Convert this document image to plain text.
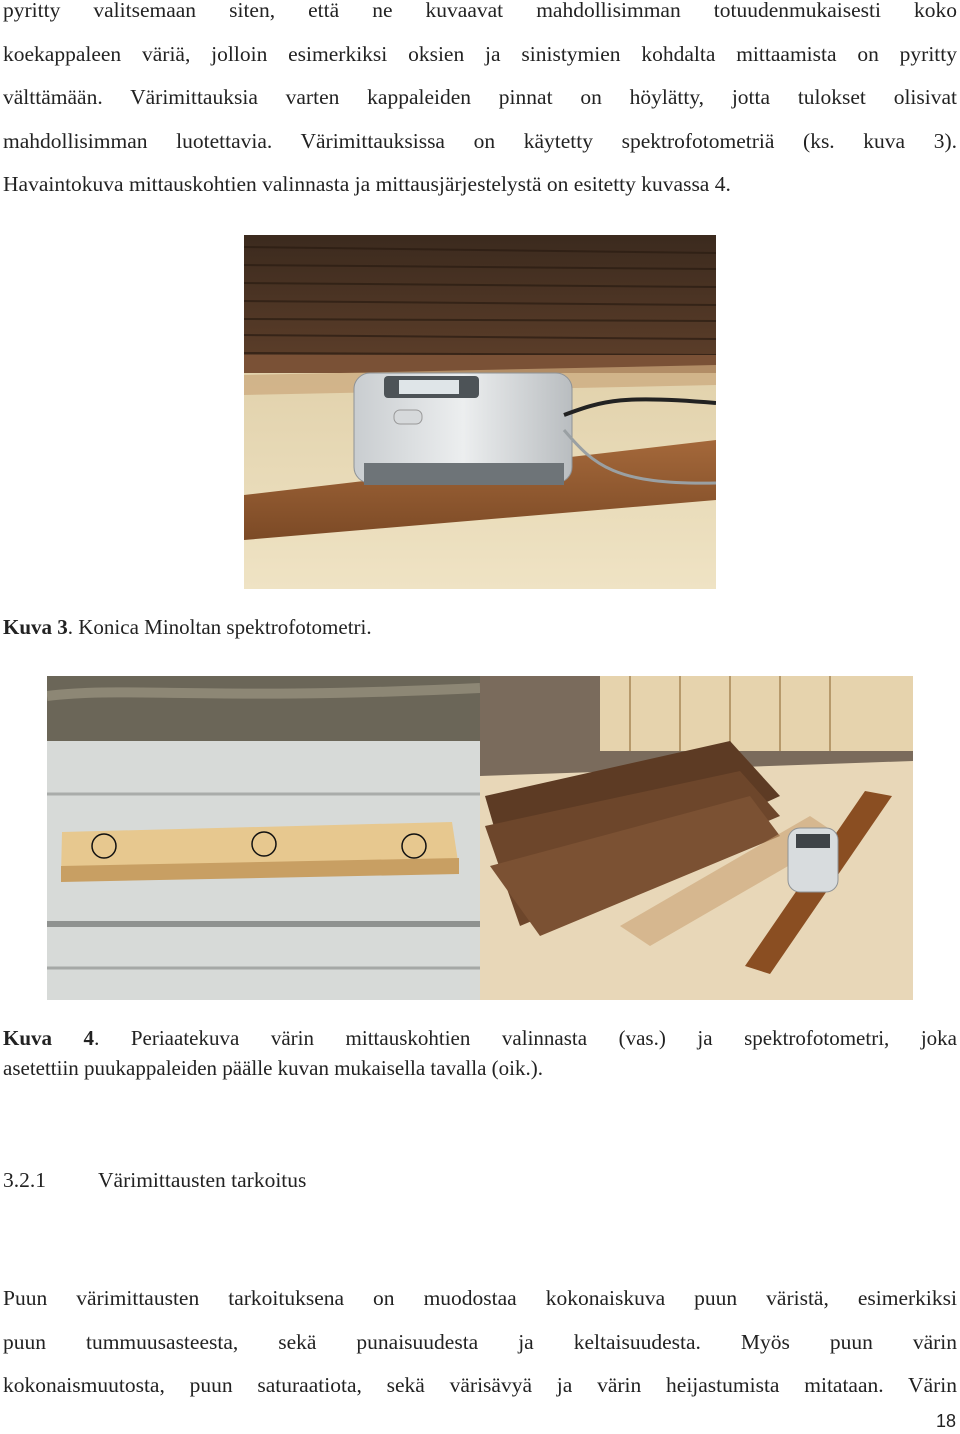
pyritty valitsemaan siten, että ne kuvaavat mahdollisimman totuudenmukaisesti koko
koekappaleen väriä, jolloin esimerkiksi oksien ja sinistymien kohdalta mittaamista on pyritty
välttämään. Värimittauksia varten kappaleiden pinnat on höylätty, jotta tulokset olisivat
mahdollisimman luotettavia. Värimittauksissa on käytetty spektrofotometriä (ks. kuva 3).
Havaintokuva mittauskohtien valinnasta ja mittausjärjestelystä on esitetty kuvassa 4.
Kuva 3. Konica Minoltan spektrofotometri.
Kuva 4. Periaatekuva värin mittauskohtien valinnasta (vas.) ja spektrofotometri, joka
asetettiin puukappaleiden päälle kuvan mukaisella tavalla (oik.).
3.2.1 Värimittausten tarkoitus
Puun värimittausten tarkoituksena on muodostaa kokonaiskuva puun väristä, esimerkiksi
puun tummuusasteesta, sekä punaisuudesta ja keltaisuudesta. Myös puun värin
kokonaismuutosta, puun saturaatiota, sekä värisävyä ja värin heijastumista mitataan. Värin
18
